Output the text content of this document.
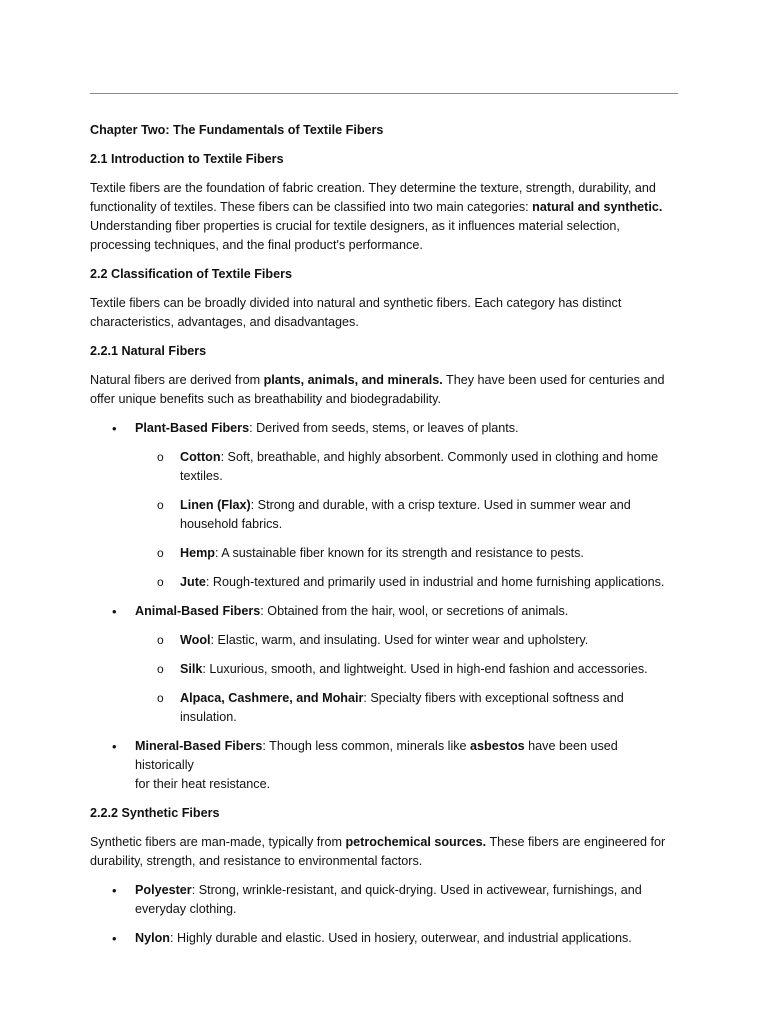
Chapter Two: The Fundamentals of Textile Fibers

2.1 Introduction to Textile Fibers

Textile fibers are the foundation of fabric creation. They determine the texture, strength, durability, and

functionality of textiles. These fibers can be classified into two main categories: natural and synthetic.

Understanding fiber properties is crucial for textile designers, as it influences material selection,

processing techniques, and the final product's performance.

2.2 Classification of Textile Fibers

Textile fibers can be broadly divided into natural and synthetic fibers. Each category has distinct

characteristics, advantages, and disadvantages.

2.2.1 Natural Fibers

Natural fibers are derived from plants, animals, and minerals. They have been used for centuries and

offer unique benefits such as breathability and biodegradability.

• Plant-Based Fibers: Derived from seeds, stems, or leaves of plants.

o Cotton: Soft, breathable, and highly absorbent. Commonly used in clothing and home

textiles.

o Linen (Flax): Strong and durable, with a crisp texture. Used in summer wear and

household fabrics.

o Hemp: A sustainable fiber known for its strength and resistance to pests.

o Jute: Rough-textured and primarily used in industrial and home furnishing applications.

• Animal-Based Fibers: Obtained from the hair, wool, or secretions of animals.

o Wool: Elastic, warm, and insulating. Used for winter wear and upholstery.

o Silk: Luxurious, smooth, and lightweight. Used in high-end fashion and accessories.

o Alpaca, Cashmere, and Mohair: Specialty fibers with exceptional softness and

insulation.

• Mineral-Based Fibers: Though less common, minerals like asbestos have been used historically

for their heat resistance.

2.2.2 Synthetic Fibers

Synthetic fibers are man-made, typically from petrochemical sources. These fibers are engineered for

durability, strength, and resistance to environmental factors.

• Polyester: Strong, wrinkle-resistant, and quick-drying. Used in activewear, furnishings, and

everyday clothing.

• Nylon: Highly durable and elastic. Used in hosiery, outerwear, and industrial applications.
